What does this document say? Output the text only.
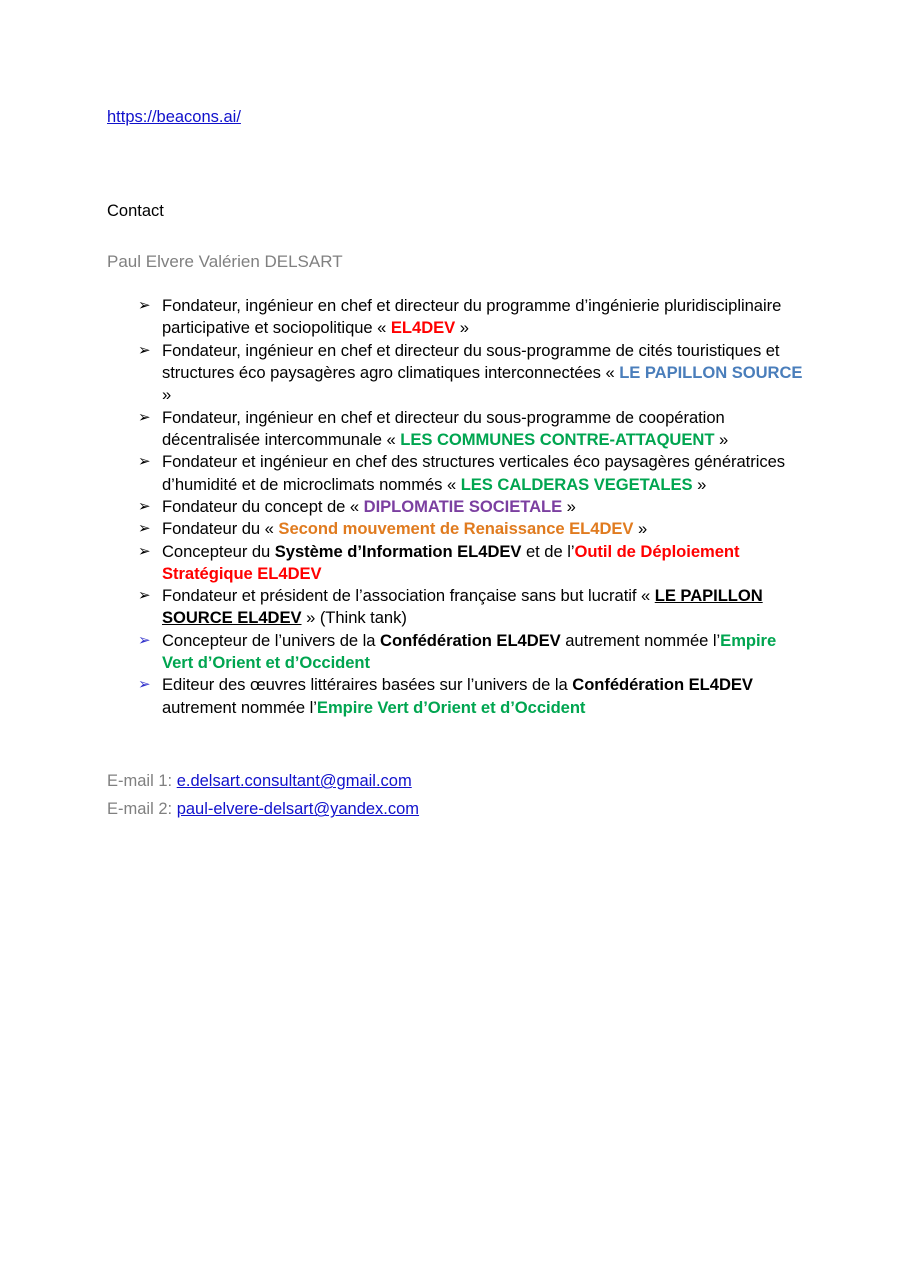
https://beacons.ai/

Contact

Paul Elvere Valérien DELSART

➢ Fondateur, ingénieur en chef et directeur du programme d’ingénierie pluridisciplinaire participative et sociopolitique « EL4DEV »
➢ Fondateur, ingénieur en chef et directeur du sous-programme de cités touristiques et structures éco paysagères agro climatiques interconnectées « LE PAPILLON SOURCE »
➢ Fondateur, ingénieur en chef et directeur du sous-programme de coopération décentralisée intercommunale « LES COMMUNES CONTRE-ATTAQUENT »
➢ Fondateur et ingénieur en chef des structures verticales éco paysagères génératrices d’humidité et de microclimats nommés « LES CALDERAS VEGETALES »
➢ Fondateur du concept de « DIPLOMATIE SOCIETALE »
➢ Fondateur du « Second mouvement de Renaissance EL4DEV »
➢ Concepteur du Système d’Information EL4DEV et de l’Outil de Déploiement Stratégique EL4DEV
➢ Fondateur et président de l’association française sans but lucratif « LE PAPILLON SOURCE EL4DEV » (Think tank)
➢ Concepteur de l’univers de la Confédération EL4DEV autrement nommée l’Empire Vert d’Orient et d’Occident
➢ Editeur des œuvres littéraires basées sur l’univers de la Confédération EL4DEV autrement nommée l’Empire Vert d’Orient et d’Occident
E-mail 1: e.delsart.consultant@gmail.com
E-mail 2: paul-elvere-delsart@yandex.com
